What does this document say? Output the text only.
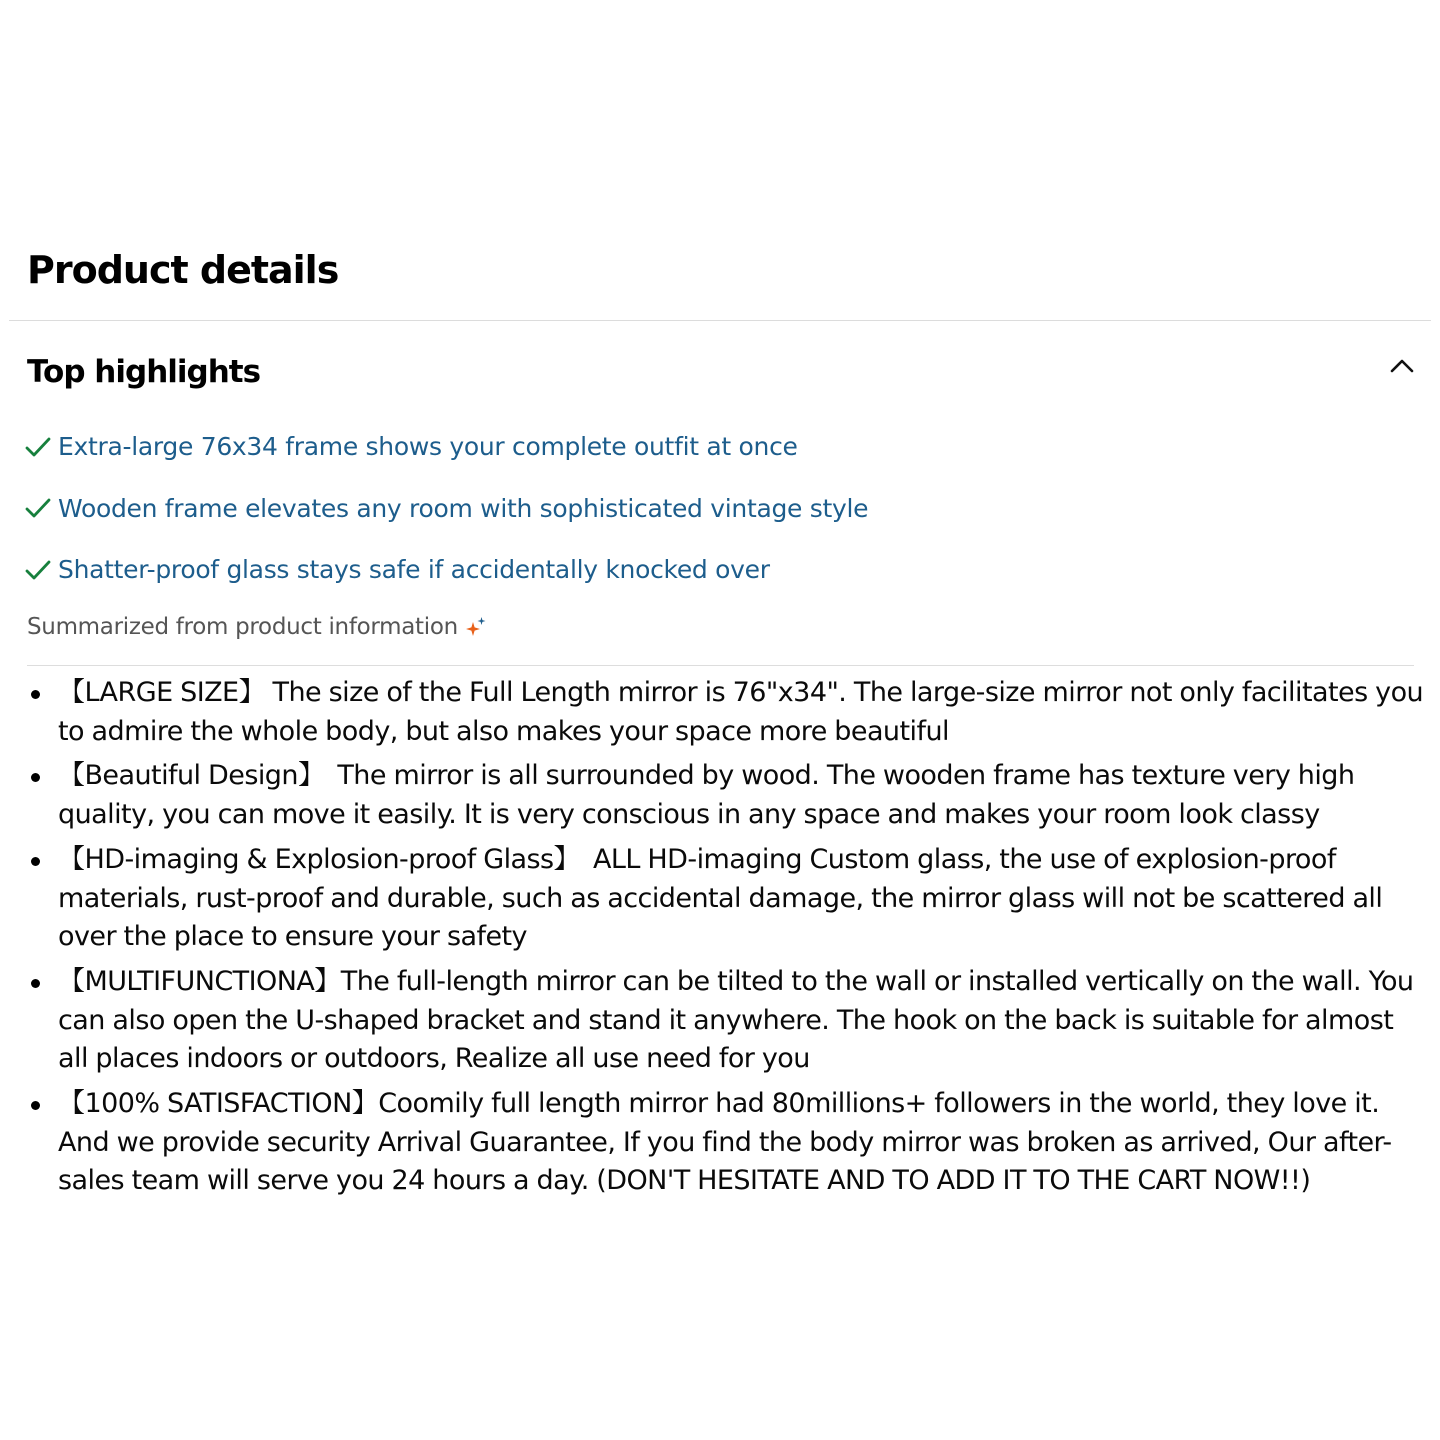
Product details
Top highlights
Extra-large 76x34 frame shows your complete outfit at once
Wooden frame elevates any room with sophisticated vintage style
Shatter-proof glass stays safe if accidentally knocked over
Summarized from product information
【LARGE SIZE】 The size of the Full Length mirror is 76"x34". The large-size mirror not only facilitates you to admire the whole body, but also makes your space more beautiful
【Beautiful Design】　The mirror is all surrounded by wood. The wooden frame has texture very high quality, you can move it easily. It is very conscious in any space and makes your room look classy
【HD-imaging & Explosion-proof Glass】　ALL HD-imaging Custom glass, the use of explosion-proof materials, rust-proof and durable, such as accidental damage, the mirror glass will not be scattered all over the place to ensure your safety
【MULTIFUNCTIONA】The full-length mirror can be tilted to the wall or installed vertically on the wall. You can also open the U-shaped bracket and stand it anywhere. The hook on the back is suitable for almost all places indoors or outdoors, Realize all use need for you
【100% SATISFACTION】Coomily full length mirror had 80millions+ followers in the world, they love it. And we provide security Arrival Guarantee, If you find the body mirror was broken as arrived, Our after-sales team will serve you 24 hours a day. (DON'T HESITATE AND TO ADD IT TO THE CART NOW!!)
